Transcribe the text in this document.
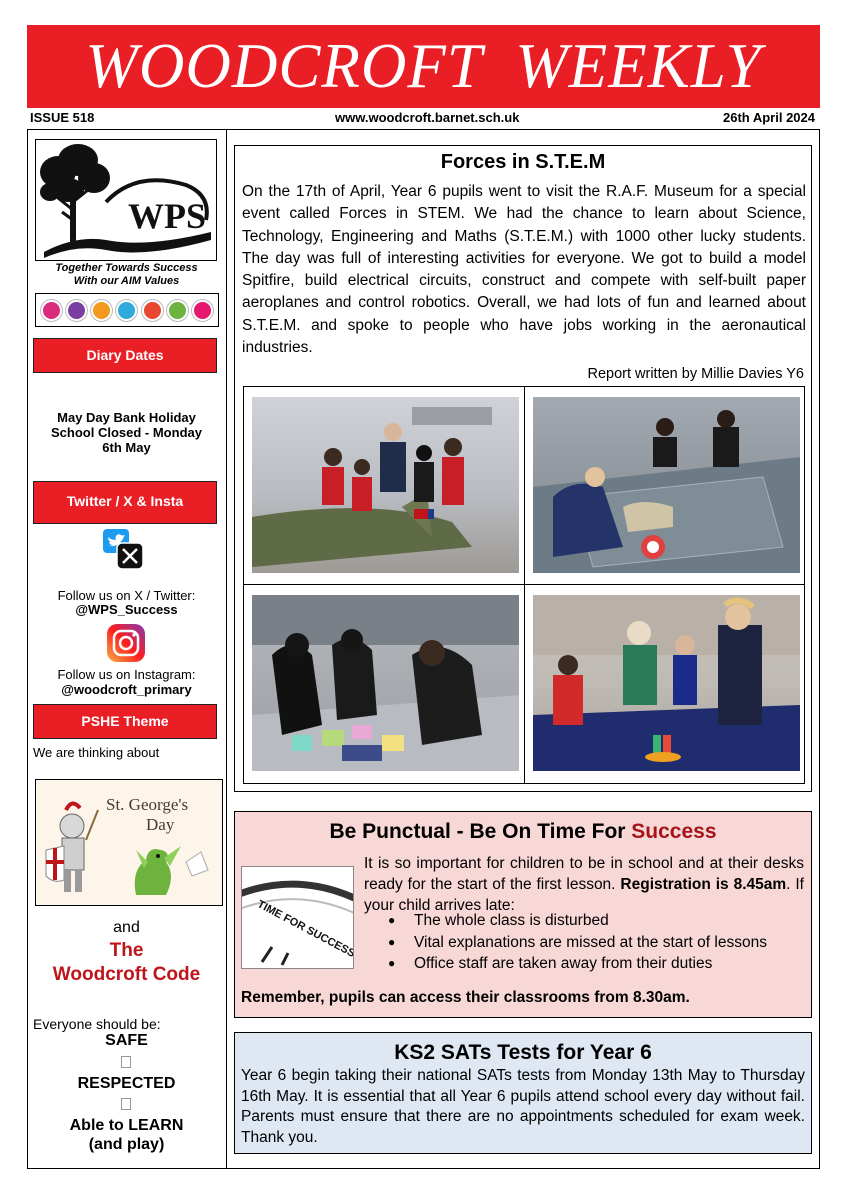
WOODCROFT  WEEKLY
ISSUE 518	www.woodcroft.barnet.sch.uk	26th April 2024
WPS
Together Towards Success
With our AIM Values
Diary Dates
May Day Bank Holiday
School Closed - Monday
6th May
Twitter / X & Insta
Follow us on X / Twitter:
@WPS_Success
Follow us on Instagram:
@woodcroft_primary
PSHE Theme
We are thinking about
St. George's
Day
and
The
Woodcroft Code
Everyone should be:
SAFE
RESPECTED
Able to LEARN
(and play)
Forces in S.T.E.M
On the 17th of April, Year 6 pupils went to visit the R.A.F. Museum for a special event called Forces in STEM. We had the chance to learn about Science, Technology, Engineering and Maths (S.T.E.M.) with 1000 other lucky students. The day was full of interesting activities for everyone. We got to build a model Spitfire, build electrical circuits, construct and compete with self-built paper aeroplanes and control robotics. Overall, we had lots of fun and learned about S.T.E.M. and spoke to people who have jobs working in the aeronautical industries.
Report written by Millie Davies Y6
Be Punctual - Be On Time For Success
TIME FOR SUCCESS
It is so important for children to be in school and at their desks ready for the start of the first lesson. Registration is 8.45am. If your child arrives late:
● The whole class is disturbed
● Vital explanations are missed at the start of lessons
● Office staff are taken away from their duties
Remember, pupils can access their classrooms from 8.30am.
KS2 SATs Tests for Year 6
Year 6 begin taking their national SATs tests from Monday 13th May to Thursday 16th May. It is essential that all Year 6 pupils attend school every day without fail. Parents must ensure that there are no appointments scheduled for exam week. Thank you.
